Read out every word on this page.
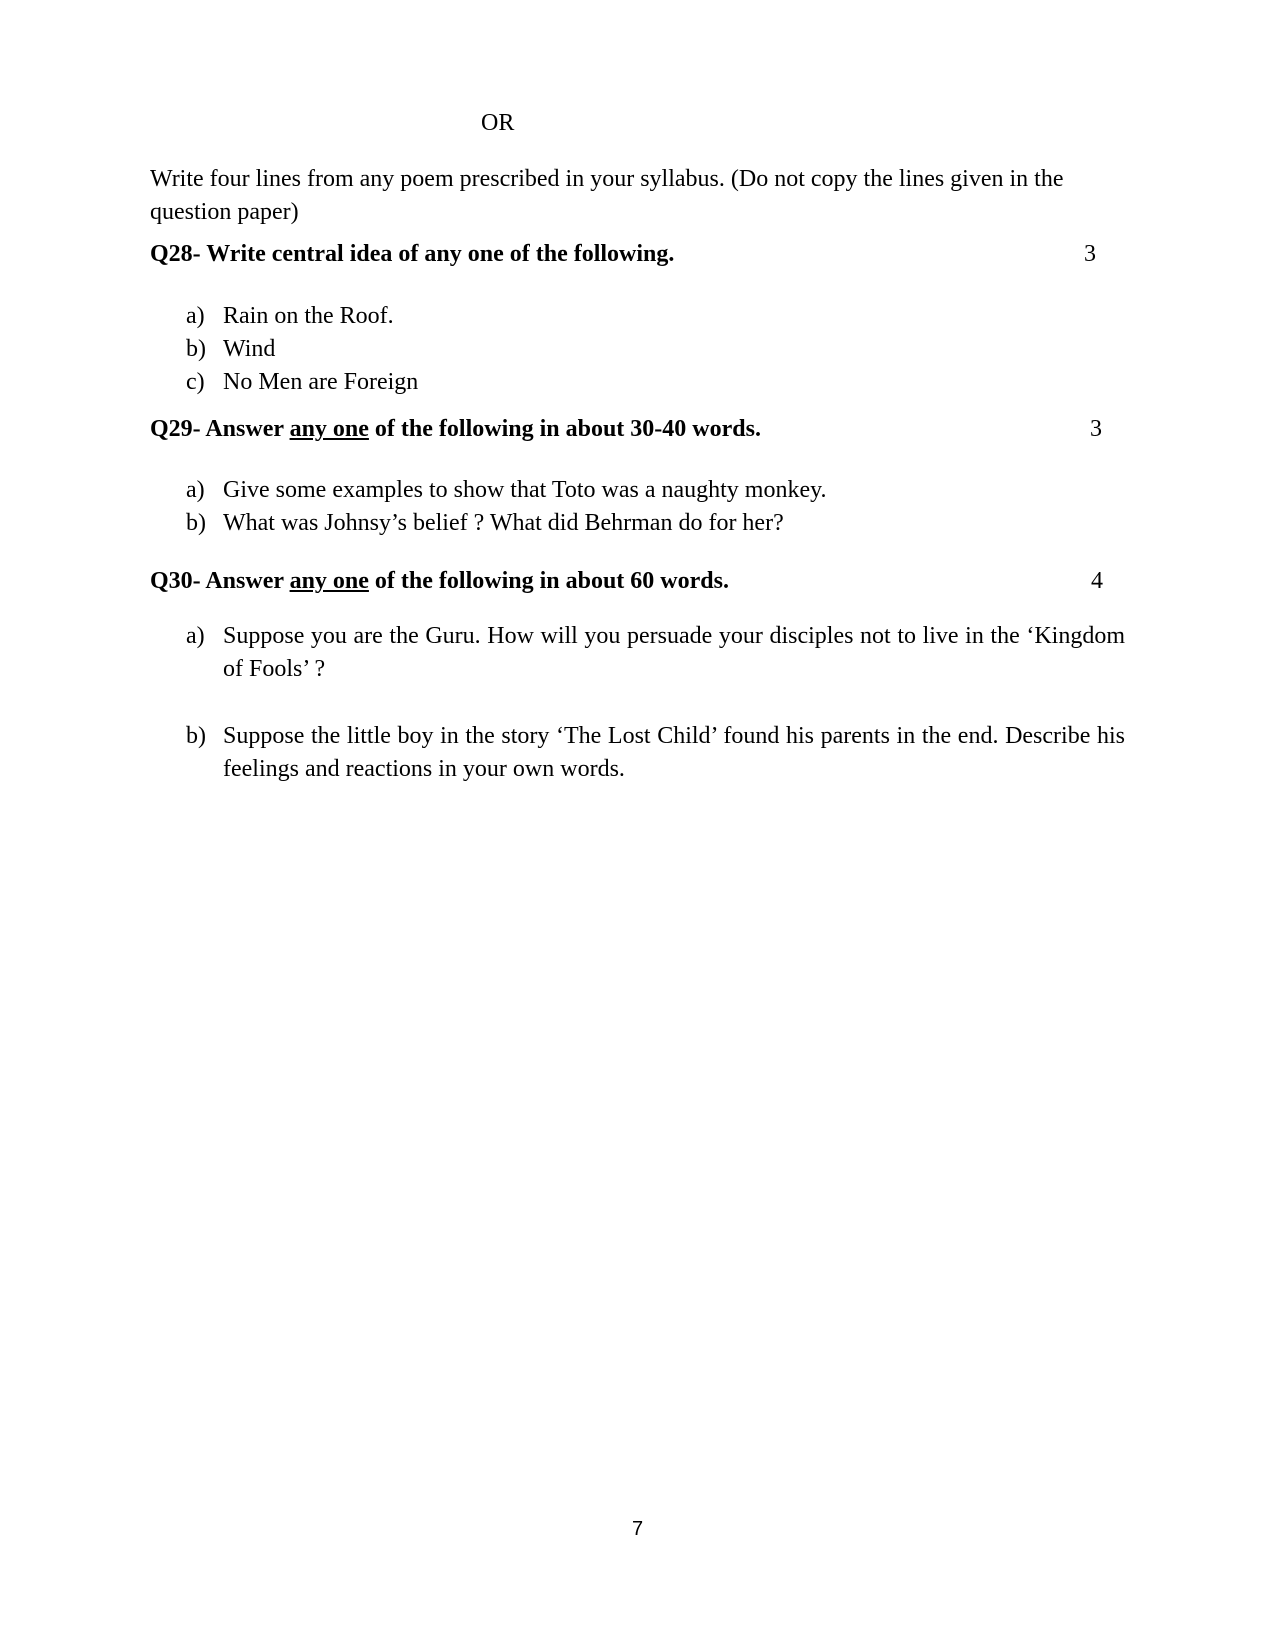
OR
Write four lines from any poem prescribed in your syllabus. (Do not copy the lines given in the question paper)
Q28- Write central idea of any one of the following.	3
a) Rain on the Roof.
b) Wind
c) No Men are Foreign
Q29- Answer any one of the following in about 30-40 words.	3
a) Give some examples to show that Toto was a naughty monkey.
b) What was Johnsy’s belief ? What did Behrman do for her?
Q30- Answer any one of the following in about 60 words.	4
a) Suppose you are the Guru. How will you persuade your disciples not to live in the ‘Kingdom of Fools’ ?
b) Suppose the little boy in the story ‘The Lost Child’ found his parents in the end. Describe his feelings and reactions in your own words.
7
